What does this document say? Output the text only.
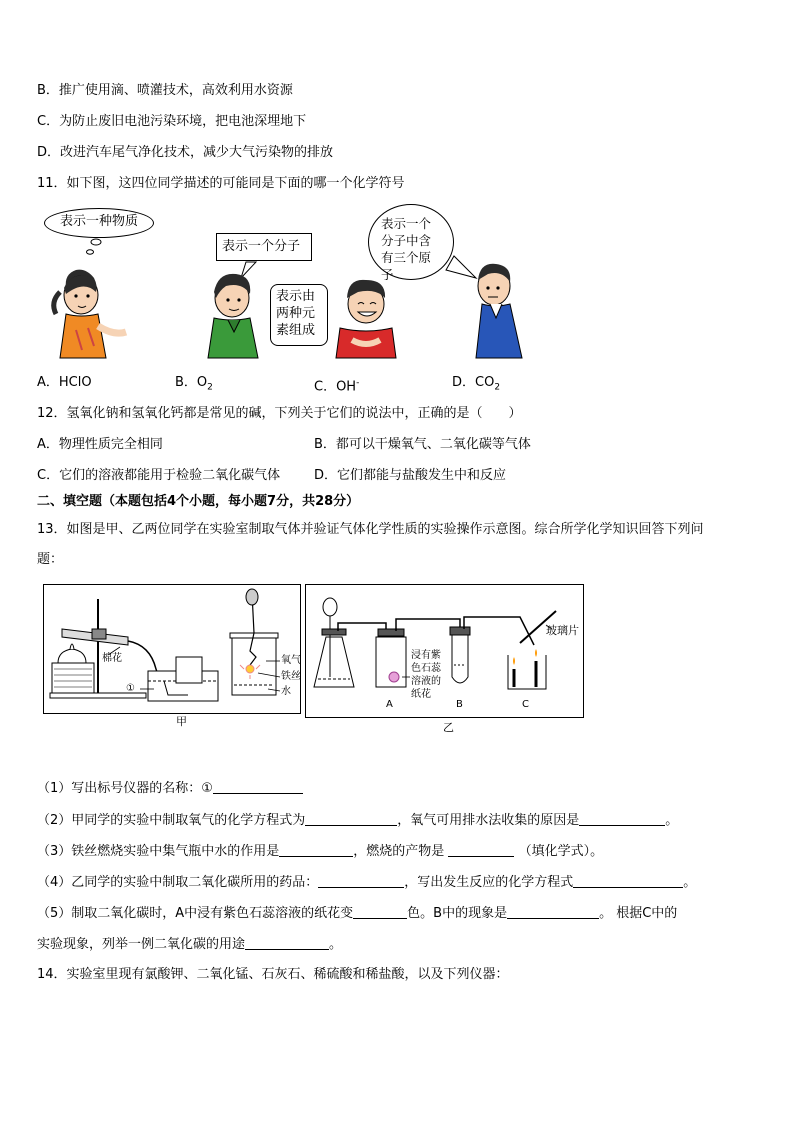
B．推广使用滴、喷灌技术，高效利用水资源
C．为防止废旧电池污染环境，把电池深埋地下
D．改进汽车尾气净化技术，减少大气污染物的排放
11．如下图，这四位同学描述的可能同是下面的哪一个化学符号
表示一种物质
表示一个分子
表示由两种元素组成
表示一个分子中含有三个原子
A．HClO	B．$O_2$	C．OH-	D．$CO_2$
12．氢氧化钠和氢氧化钙都是常见的碱，下列关于它们的说法中，正确的是（　　）
A．物理性质完全相同	B．都可以干燥氧气、二氧化碳等气体
C．它们的溶液都能用于检验二氧化碳气体	D．它们都能与盐酸发生中和反应
二、填空题（本题包括4个小题，每小题7分，共28分）
13．如图是甲、乙两位同学在实验室制取气体并验证气体化学性质的实验操作示意图。综合所学化学知识回答下列问
题：
棉花
①
氧气
铁丝
水
甲
玻璃片
浸有紫色石蕊溶液的纸花
A	B	C
乙
（1）写出标号仪器的名称：①
（2）甲同学的实验中制取氧气的化学方程式为	，氧气可用排水法收集的原因是	。
（3）铁丝燃烧实验中集气瓶中水的作用是	，燃烧的产物是	（填化学式）。
（4）乙同学的实验中制取二氧化碳所用的药品：	，写出发生反应的化学方程式	。
（5）制取二氧化碳时，A中浸有紫色石蕊溶液的纸花变	色。B中的现象是	。 根据C中的
实验现象，列举一例二氧化碳的用途	。
14．实验室里现有氯酸钾、二氧化锰、石灰石、稀硫酸和稀盐酸，以及下列仪器：
